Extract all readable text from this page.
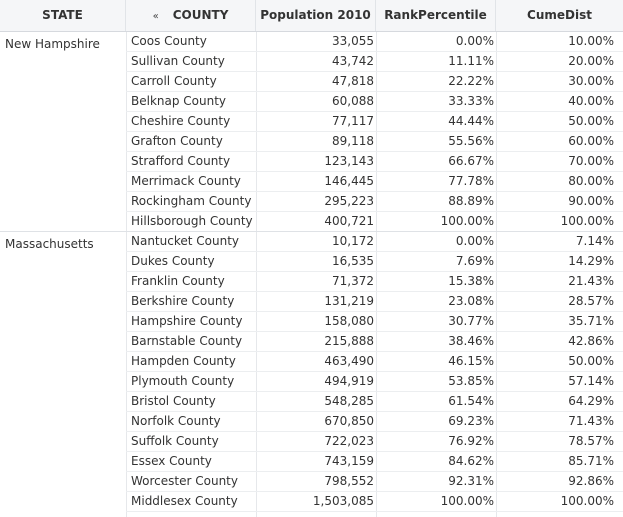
STATE	« COUNTY	Population 2010	RankPercentile	CumeDist
New Hampshire	Coos County	33,055	0.00%	10.00%
Sullivan County	43,742	11.11%	20.00%
Carroll County	47,818	22.22%	30.00%
Belknap County	60,088	33.33%	40.00%
Cheshire County	77,117	44.44%	50.00%
Grafton County	89,118	55.56%	60.00%
Strafford County	123,143	66.67%	70.00%
Merrimack County	146,445	77.78%	80.00%
Rockingham County	295,223	88.89%	90.00%
Hillsborough County	400,721	100.00%	100.00%
Massachusetts	Nantucket County	10,172	0.00%	7.14%
Dukes County	16,535	7.69%	14.29%
Franklin County	71,372	15.38%	21.43%
Berkshire County	131,219	23.08%	28.57%
Hampshire County	158,080	30.77%	35.71%
Barnstable County	215,888	38.46%	42.86%
Hampden County	463,490	46.15%	50.00%
Plymouth County	494,919	53.85%	57.14%
Bristol County	548,285	61.54%	64.29%
Norfolk County	670,850	69.23%	71.43%
Suffolk County	722,023	76.92%	78.57%
Essex County	743,159	84.62%	85.71%
Worcester County	798,552	92.31%	92.86%
Middlesex County	1,503,085	100.00%	100.00%
